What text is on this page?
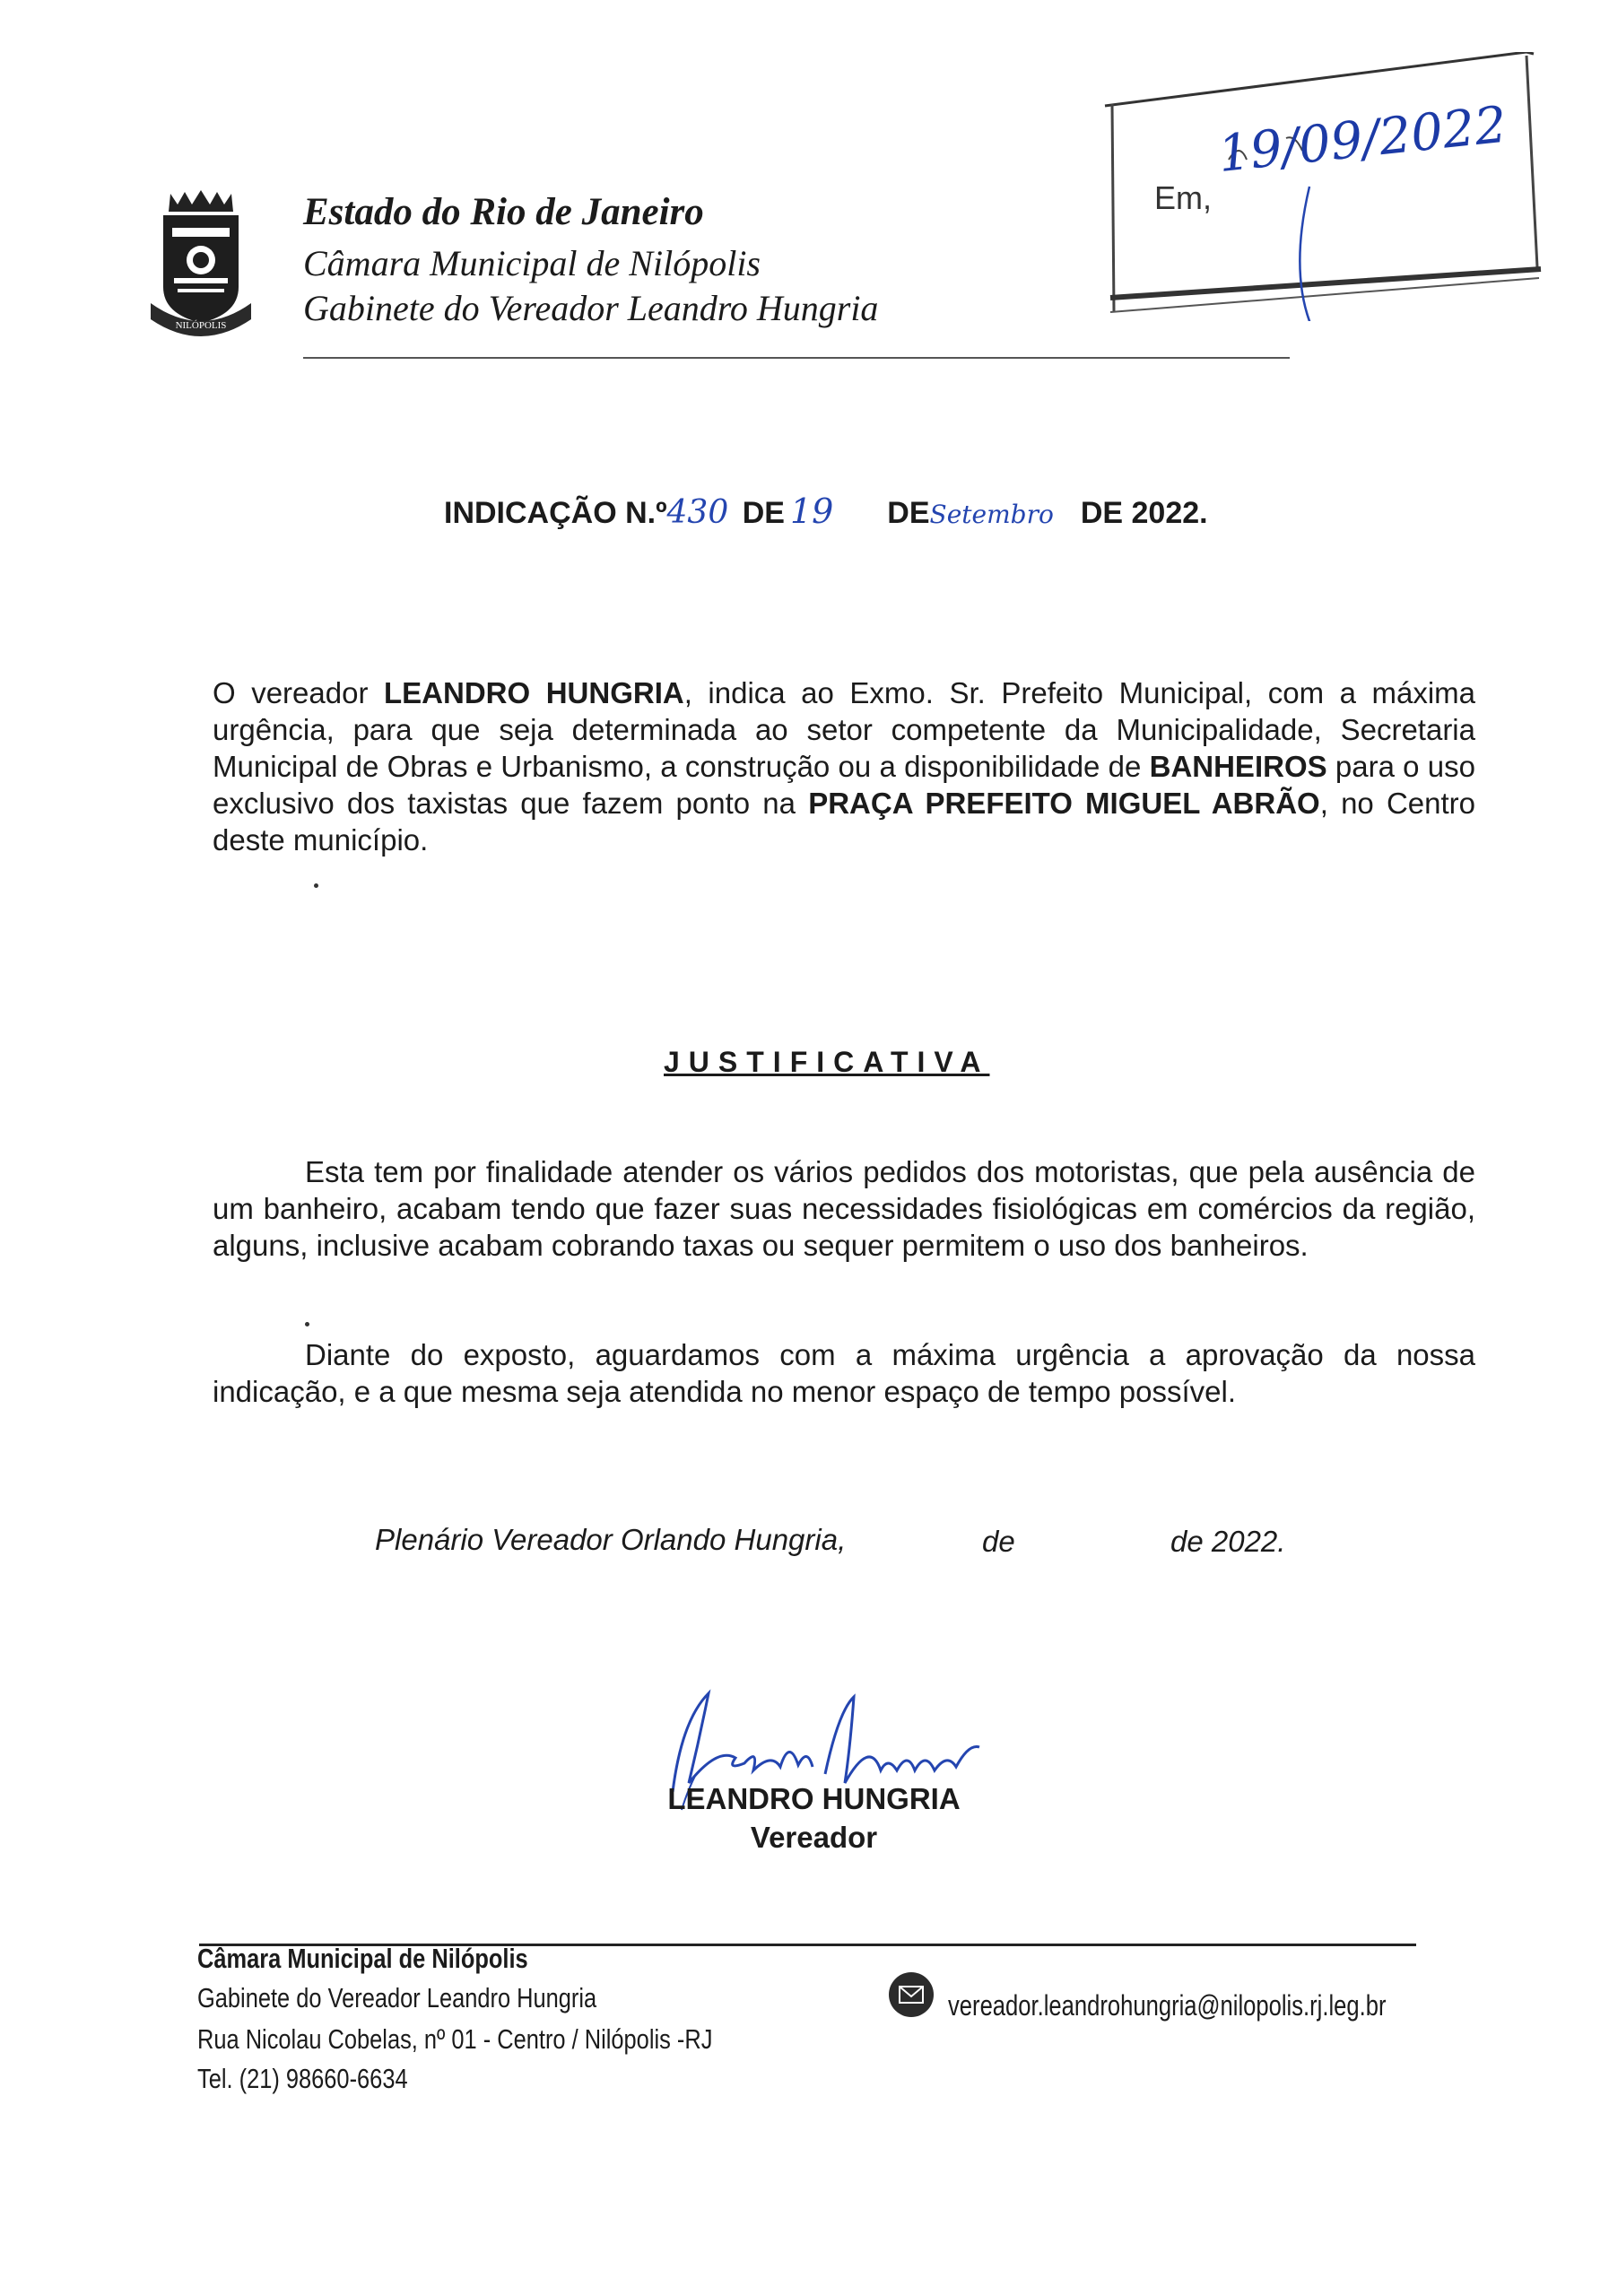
NILÓPOLIS
Estado do Rio de Janeiro
Câmara Municipal de Nilópolis
Gabinete do Vereador Leandro Hungria
Em,
19/09/2022
INDICAÇÃO N.º430 DE 19 DESetembro DE 2022.
O vereador LEANDRO HUNGRIA, indica ao Exmo. Sr. Prefeito Municipal, com a máxima urgência, para que seja determinada ao setor competente da Municipalidade, Secretaria Municipal de Obras e Urbanismo, a construção ou a disponibilidade de BANHEIROS para o uso exclusivo dos taxistas que fazem ponto na PRAÇA PREFEITO MIGUEL ABRÃO, no Centro deste município.
JUSTIFICATIVA
Esta tem por finalidade atender os vários pedidos dos motoristas, que pela ausência de um banheiro, acabam tendo que fazer suas necessidades fisiológicas em comércios da região, alguns, inclusive acabam cobrando taxas ou sequer permitem o uso dos banheiros.
Diante do exposto, aguardamos com a máxima urgência a aprovação da nossa indicação, e a que mesma seja atendida no menor espaço de tempo possível.
Plenário Vereador Orlando Hungria,	de	de 2022.
LEANDRO HUNGRIA
Vereador
Câmara Municipal de Nilópolis
Gabinete do Vereador Leandro Hungria
Rua Nicolau Cobelas, nº 01 - Centro / Nilópolis -RJ
Tel. (21) 98660-6634
vereador.leandrohungria@nilopolis.rj.leg.br
